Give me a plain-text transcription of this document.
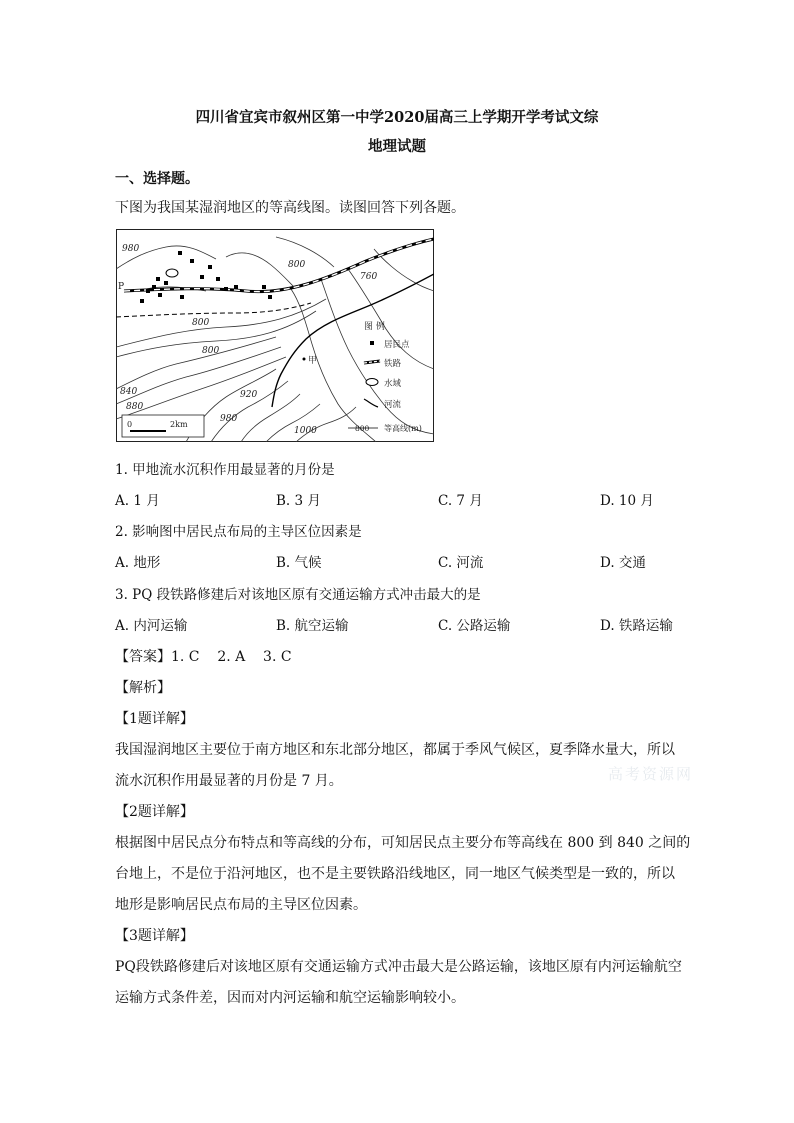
四川省宜宾市叙州区第一中学2020届高三上学期开学考试文综
地理试题
一、选择题。
下图为我国某湿润地区的等高线图。读图回答下列各题。
980
800
760
800
800
840
880
920
980
1000
P
甲
0	2km
图 例
居民点
铁路
水域
河流
800 等高线(m)
1. 甲地流水沉积作用最显著的月份是
A. 1 月	B. 3 月	C. 7 月	D. 10 月
2. 影响图中居民点布局的主导区位因素是
A. 地形	B. 气候	C. 河流	D. 交通
3. PQ 段铁路修建后对该地区原有交通运输方式冲击最大的是
A. 内河运输	B. 航空运输	C. 公路运输	D. 铁路运输
【答案】1. C    2. A    3. C
【解析】
【1题详解】
我国湿润地区主要位于南方地区和东北部分地区，都属于季风气候区，夏季降水量大，所以
流水沉积作用最显著的月份是 7 月。
【2题详解】
根据图中居民点分布特点和等高线的分布，可知居民点主要分布等高线在 800 到 840 之间的
台地上，不是位于沿河地区，也不是主要铁路沿线地区，同一地区气候类型是一致的，所以
地形是影响居民点布局的主导区位因素。
【3题详解】
PQ段铁路修建后对该地区原有交通运输方式冲击最大是公路运输，该地区原有内河运输航空
运输方式条件差，因而对内河运输和航空运输影响较小。
高考资源网
